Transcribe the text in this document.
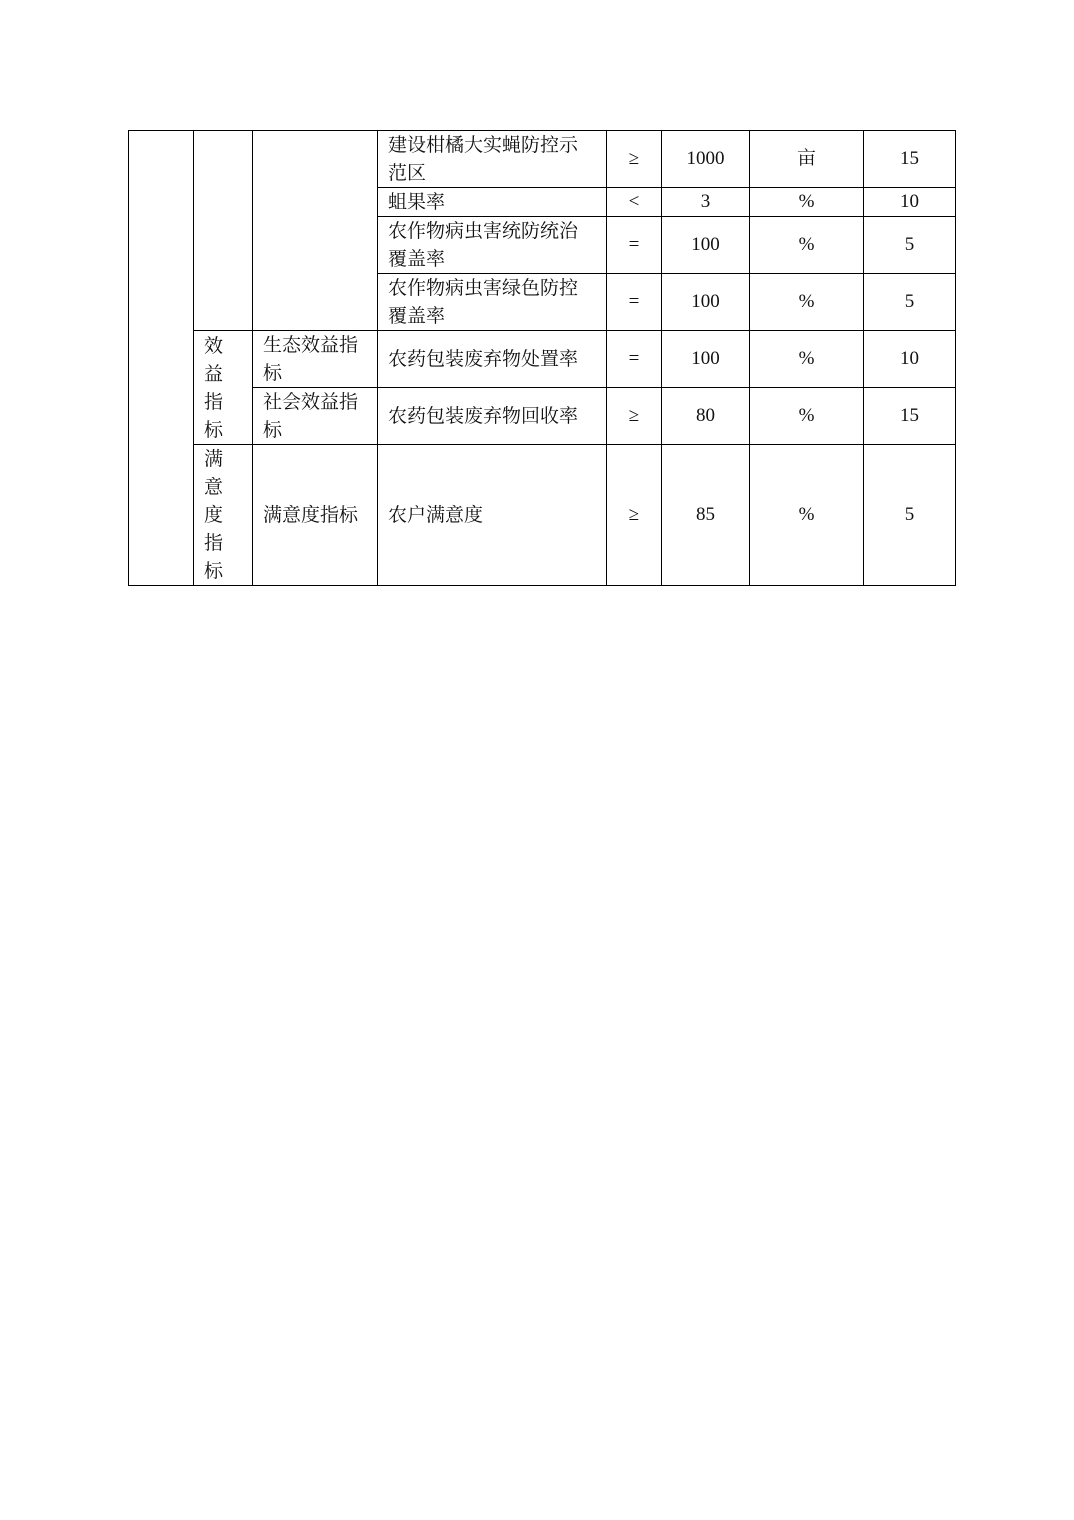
			建设柑橘大实蝇防控示范区	≥	1000	亩	15
			蛆果率	<	3	%	10
			农作物病虫害统防统治覆盖率	=	100	%	5
			农作物病虫害绿色防控覆盖率	=	100	%	5

	效益指标	生态效益指标	农药包装废弃物处置率	=	100	%	10
		社会效益指标	农药包装废弃物回收率	≥	80	%	15

	满意度指标	满意度指标	农户满意度	≥	85	%	5
